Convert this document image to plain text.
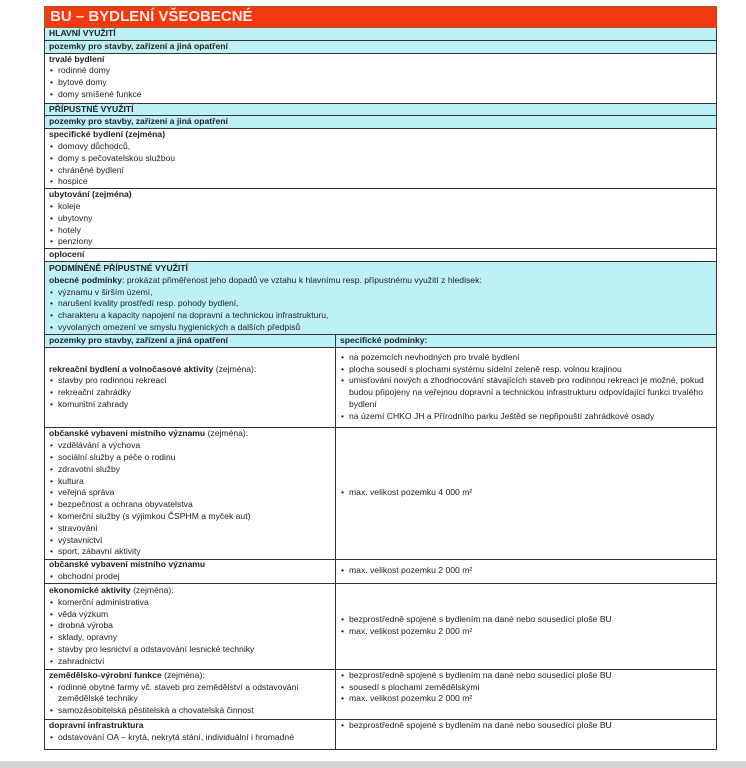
BU – BYDLENÍ VŠEOBECNÉ
HLAVNÍ VYUŽITÍ
pozemky pro stavby, zařízení a jiná opatření
trvalé bydlení
• rodinné domy
• bytové domy
• domy smíšené funkce
PŘÍPUSTNÉ VYUŽITÍ
pozemky pro stavby, zařízení a jiná opatření
specifické bydlení (zejména)
• domovy důchodců,
• domy s pečovatelskou službou
• chráněné bydlení
• hospice
ubytování (zejména)
• koleje
• ubytovny
• hotely
• penziony
oplocení
PODMÍNĚNĚ PŘÍPUSTNÉ VYUŽITÍ
obecné podmínky: prokázat přiměřenost jeho dopadů ve vztahu k hlavnímu resp. přípustnému využití z hledisek:
• významu v širším území,
• narušení kvality prostředí resp. pohody bydlení,
• charakteru a kapacity napojení na dopravní a technickou infrastrukturu,
• vyvolaných omezení ve smyslu hygienických a dalších předpisů
pozemky pro stavby, zařízení a jiná opatření	specifické podmínky:
rekreační bydlení a volnočasové aktivity (zejména):
• stavby pro rodinnou rekreaci
• rekreační zahrádky
• komunitní zahrady
• na pozemcích nevhodných pro trvalé bydlení
• plocha sousedí s plochami systému sídelní zeleně resp. volnou krajinou
• umisťování nových a zhodnocování stávajících staveb pro rodinnou rekreaci je možné, pokud budou připojeny na veřejnou dopravní a technickou infrastrukturu odpovídající funkci trvalého bydlení
• na území CHKO JH a Přírodního parku Ještěd se nepřipouští zahrádkové osady
občanské vybavení místního významu (zejména):
• vzdělávání a výchova
• sociální služby a péče o rodinu
• zdravotní služby
• kultura
• veřejná správa
• bezpečnost a ochrana obyvatelstva
• komerční služby (s výjimkou ČSPHM a myček aut)
• stravování
• výstavnictví
• sport, zábavní aktivity
• max. velikost pozemku 4 000 m²
občanské vybavení místního významu
• obchodní prodej
• max. velikost pozemku 2 000 m²
ekonomické aktivity (zejména):
• komerční administrativa
• věda výzkum
• drobná výroba
• sklady, opravny
• stavby pro lesnictví a odstavování lesnické techniky
• zahradnictví
• bezprostředně spojené s bydlením na dané nebo sousedící ploše BU
• max. velikost pozemku 2 000 m²
zemědělsko-výrobní funkce (zejména):
• rodinné obytné farmy vč. staveb pro zemědělství a odstavování zemědělské techniky
• samozásobitelská pěstitelská a chovatelská činnost
• bezprostředně spojené s bydlením na dané nebo sousedící ploše BU
• sousedí s plochami zemědělskými
• max. velikost pozemku 2 000 m²
dopravní infrastruktura
• odstavování OA – krytá, nekrytá stání, individuální i hromadné
• bezprostředně spojené s bydlením na dané nebo sousedící ploše BU
